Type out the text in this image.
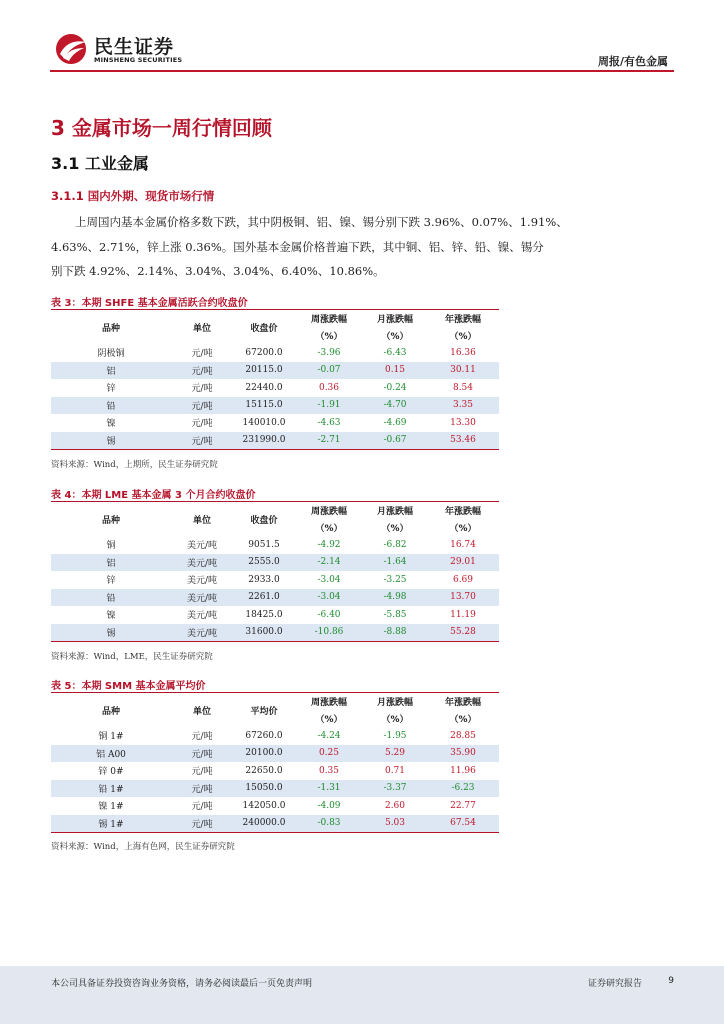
民生证券
MINSHENG SECURITIES	周报/有色金属
3 金属市场一周行情回顾
3.1 工业金属
3.1.1 国内外期、现货市场行情
上周国内基本金属价格多数下跌，其中阴极铜、铝、镍、锡分别下跌 3.96%、0.07%、1.91%、
4.63%、2.71%，锌上涨 0.36%。国外基本金属价格普遍下跌，其中铜、铝、锌、铅、镍、锡分
别下跌 4.92%、2.14%、3.04%、3.04%、6.40%、10.86%。
表 3：本期 SHFE 基本金属活跃合约收盘价
品种	单位	收盘价	周涨跌幅	月涨跌幅	年涨跌幅
			（%）	（%）	（%）
阴极铜	元/吨	67200.0	-3.96	-6.43	16.36
铝	元/吨	20115.0	-0.07	0.15	30.11
锌	元/吨	22440.0	0.36	-0.24	8.54
铅	元/吨	15115.0	-1.91	-4.70	3.35
镍	元/吨	140010.0	-4.63	-4.69	13.30
锡	元/吨	231990.0	-2.71	-0.67	53.46
资料来源：Wind，上期所，民生证券研究院
表 4：本期 LME 基本金属 3 个月合约收盘价
品种	单位	收盘价	周涨跌幅	月涨跌幅	年涨跌幅
			（%）	（%）	（%）
铜	美元/吨	9051.5	-4.92	-6.82	16.74
铝	美元/吨	2555.0	-2.14	-1.64	29.01
锌	美元/吨	2933.0	-3.04	-3.25	6.69
铅	美元/吨	2261.0	-3.04	-4.98	13.70
镍	美元/吨	18425.0	-6.40	-5.85	11.19
锡	美元/吨	31600.0	-10.86	-8.88	55.28
资料来源：Wind，LME，民生证券研究院
表 5：本期 SMM 基本金属平均价
品种	单位	平均价	周涨跌幅	月涨跌幅	年涨跌幅
			（%）	（%）	（%）
铜 1#	元/吨	67260.0	-4.24	-1.95	28.85
铝 A00	元/吨	20100.0	0.25	5.29	35.90
锌 0#	元/吨	22650.0	0.35	0.71	11.96
铅 1#	元/吨	15050.0	-1.31	-3.37	-6.23
镍 1#	元/吨	142050.0	-4.09	2.60	22.77
锡 1#	元/吨	240000.0	-0.83	5.03	67.54
资料来源：Wind，上海有色网，民生证券研究院
本公司具备证券投资咨询业务资格，请务必阅读最后一页免责声明	证券研究报告	9
